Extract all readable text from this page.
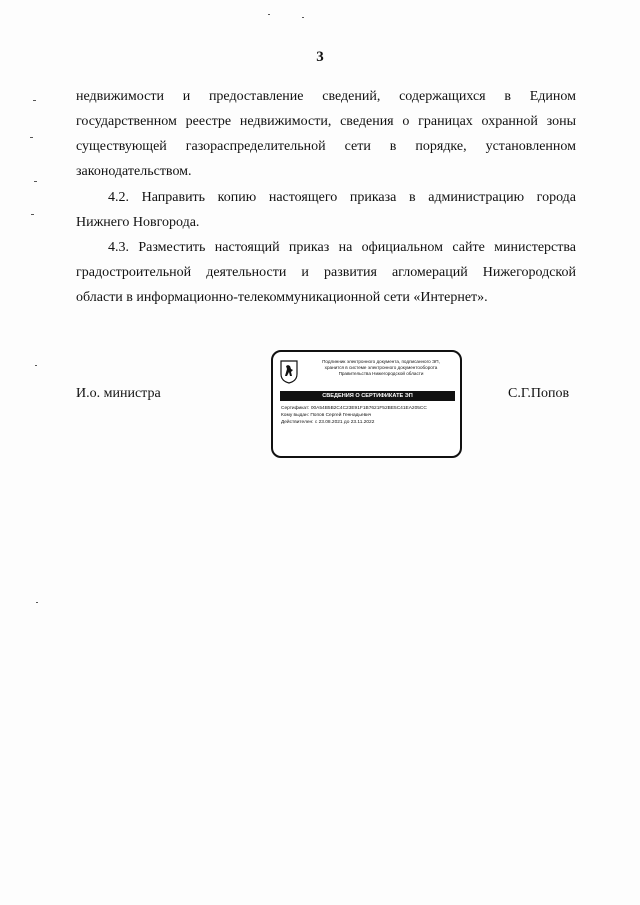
3
недвижимости и предоставление сведений, содержащихся в Едином
государственном реестре недвижимости, сведения о границах охранной зоны
существующей газораспределительной сети в порядке, установленном
законодательством.
4.2. Направить копию настоящего приказа в администрацию города
Нижнего Новгорода.
4.3. Разместить настоящий приказ на официальном сайте министерства
градостроительной деятельности и развития агломераций Нижегородской
области в информационно-телекоммуникационной сети «Интернет».
И.о. министра
Подлинник электронного документа, подписанного ЭП,
хранится в системе электронного документооборота
Правительства Нижегородской области
СВЕДЕНИЯ О СЕРТИФИКАТЕ ЭП
Сертификат: 00A54B5B2C4C23E91F1B7621F52BE5C41EA205CC
Кому выдан: Попов Сергей Геннадьевич
Действителен: с 23.08.2021 до 23.11.2022
С.Г.Попов
